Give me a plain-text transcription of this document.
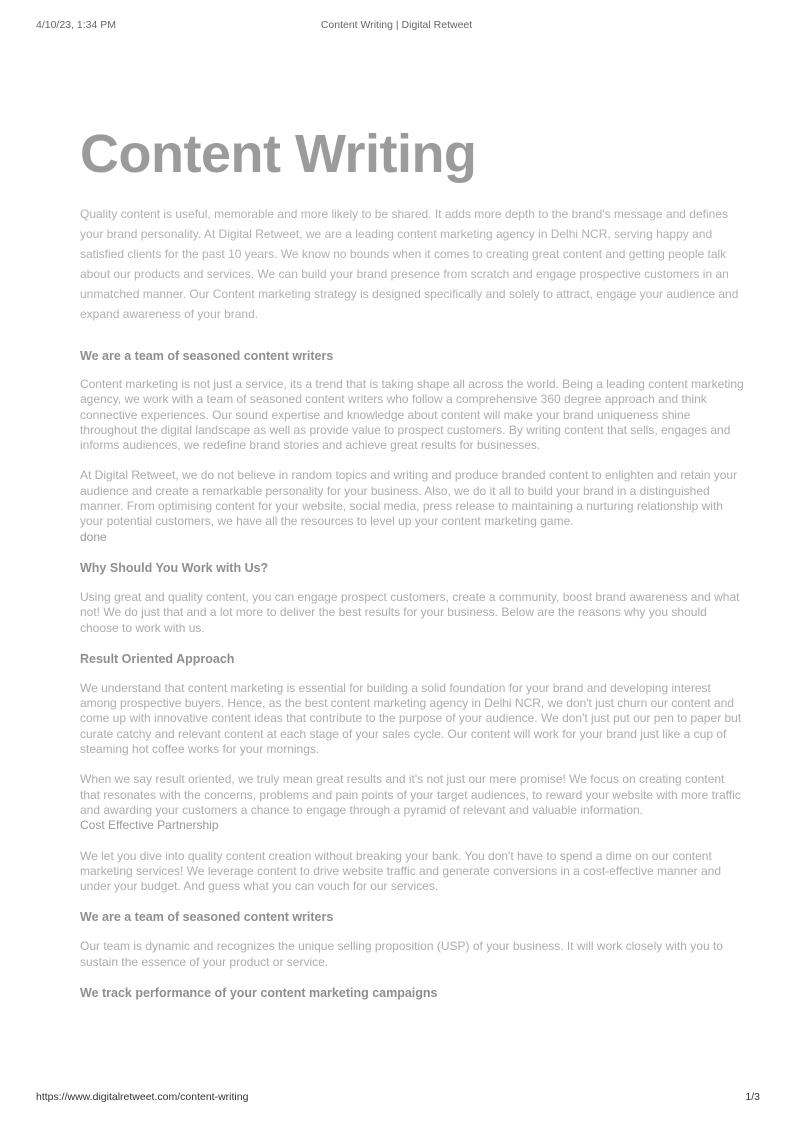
4/10/23, 1:34 PM	Content Writing | Digital Retweet
Content Writing

Quality content is useful, memorable and more likely to be shared. It adds more depth to the brand's message and defines your brand personality. At Digital Retweet, we are a leading content marketing agency in Delhi NCR, serving happy and satisfied clients for the past 10 years. We know no bounds when it comes to creating great content and getting people talk about our products and services. We can build your brand presence from scratch and engage prospective customers in an unmatched manner. Our Content marketing strategy is designed specifically and solely to attract, engage your audience and expand awareness of your brand.

We are a team of seasoned content writers

Content marketing is not just a service, its a trend that is taking shape all across the world. Being a leading content marketing agency, we work with a team of seasoned content writers who follow a comprehensive 360 degree approach and think connective experiences. Our sound expertise and knowledge about content will make your brand uniqueness shine throughout the digital landscape as well as provide value to prospect customers. By writing content that sells, engages and informs audiences, we redefine brand stories and achieve great results for businesses.

At Digital Retweet, we do not believe in random topics and writing and produce branded content to enlighten and retain your audience and create a remarkable personality for your business. Also, we do it all to build your brand in a distinguished manner. From optimising content for your website, social media, press release to maintaining a nurturing relationship with your potential customers, we have all the resources to level up your content marketing game.

done
Why Should You Work with Us?

Using great and quality content, you can engage prospect customers, create a community, boost brand awareness and what not! We do just that and a lot more to deliver the best results for your business. Below are the reasons why you should choose to work with us.

Result Oriented Approach

We understand that content marketing is essential for building a solid foundation for your brand and developing interest among prospective buyers. Hence, as the best content marketing agency in Delhi NCR, we don't just churn our content and come up with innovative content ideas that contribute to the purpose of your audience. We don't just put our pen to paper but curate catchy and relevant content at each stage of your sales cycle. Our content will work for your brand just like a cup of steaming hot coffee works for your mornings.

When we say result oriented, we truly mean great results and it's not just our mere promise! We focus on creating content that resonates with the concerns, problems and pain points of your target audiences, to reward your website with more traffic and awarding your customers a chance to engage through a pyramid of relevant and valuable information.

Cost Effective Partnership

We let you dive into quality content creation without breaking your bank. You don't have to spend a dime on our content marketing services! We leverage content to drive website traffic and generate conversions in a cost-effective manner and under your budget. And guess what you can vouch for our services.

We are a team of seasoned content writers

Our team is dynamic and recognizes the unique selling proposition (USP) of your business. It will work closely with you to sustain the essence of your product or service.

We track performance of your content marketing campaigns
https://www.digitalretweet.com/content-writing	1/3
